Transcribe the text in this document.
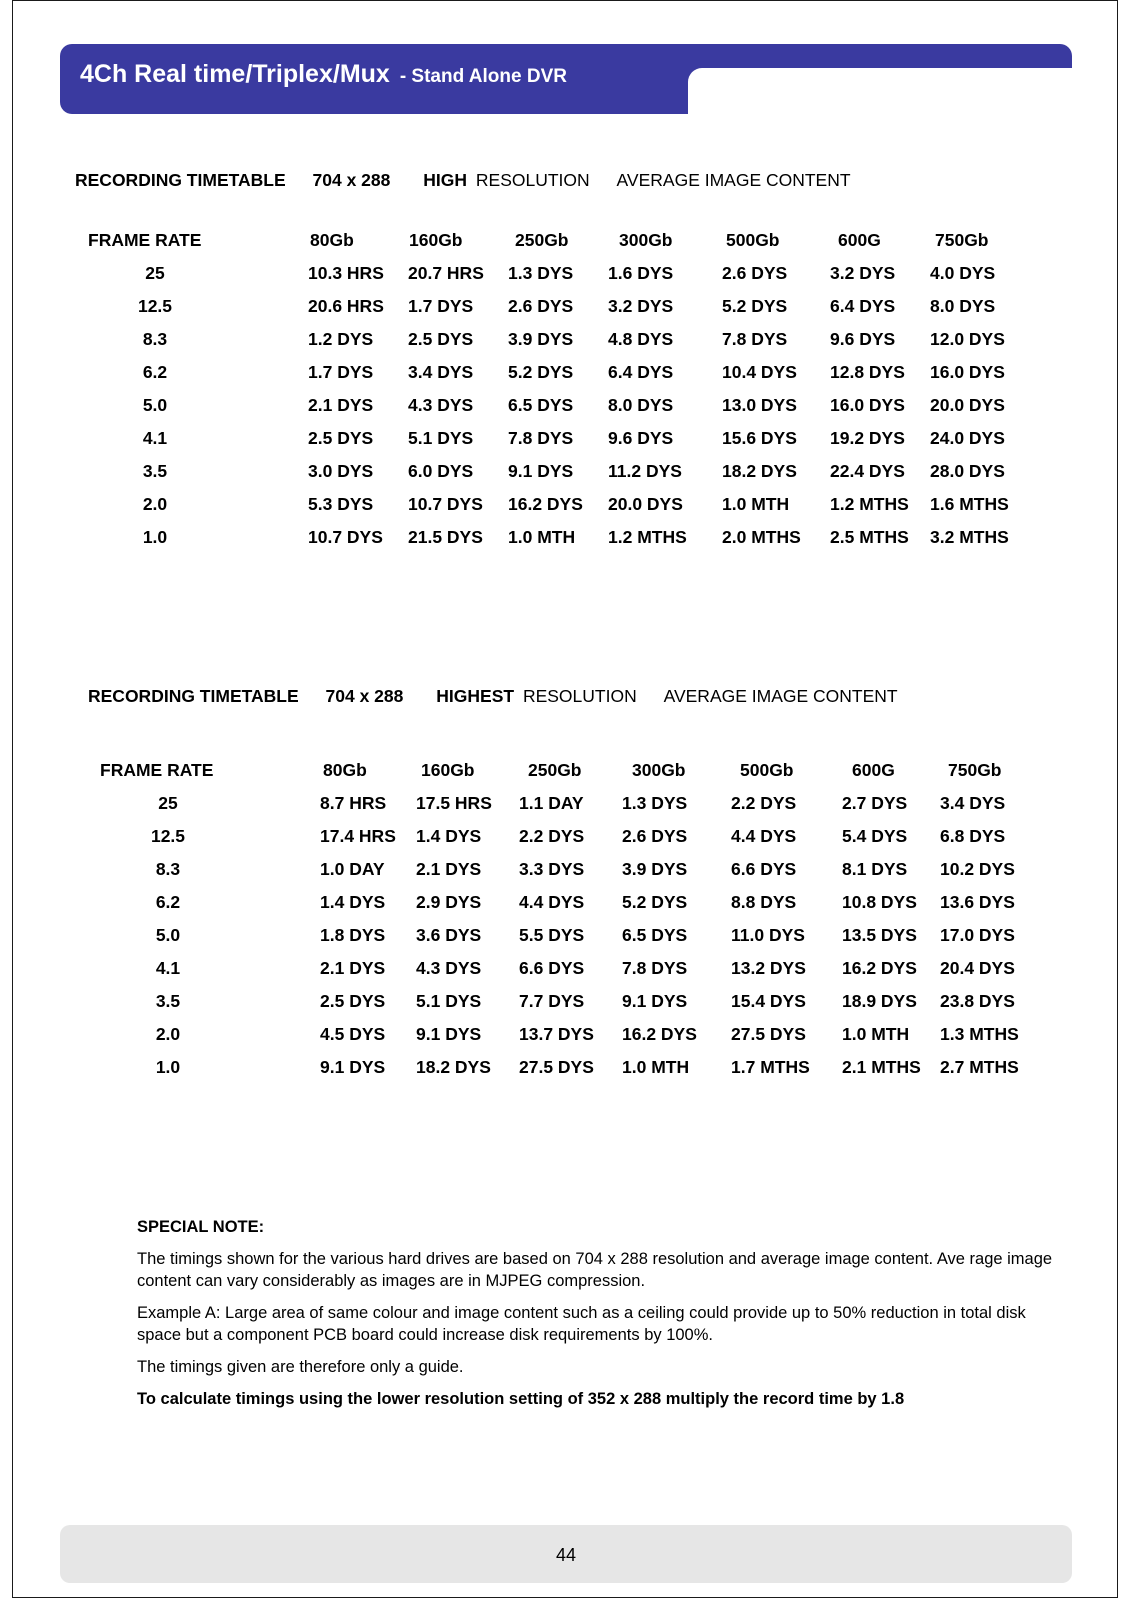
4Ch Real time/Triplex/Mux - Stand Alone DVR
RECORDING TIMETABLE 704 x 288 HIGH RESOLUTION AVERAGE IMAGE CONTENT
FRAME RATE	80Gb	160Gb	250Gb	300Gb	500Gb	600G	750Gb
25	10.3 HRS 20.7 HRS 1.3 DYS 1.6 DYS	2.6 DYS 3.2 DYS 4.0 DYS
12.5	20.6 HRS 1.7 DYS 2.6 DYS 3.2 DYS	5.2 DYS 6.4 DYS 8.0 DYS
8.3	1.2 DYS 2.5 DYS 3.9 DYS 4.8 DYS	7.8 DYS 9.6 DYS 12.0 DYS
6.2	1.7 DYS 3.4 DYS 5.2 DYS 6.4 DYS	10.4 DYS 12.8 DYS 16.0 DYS
5.0	2.1 DYS 4.3 DYS 6.5 DYS 8.0 DYS	13.0 DYS 16.0 DYS 20.0 DYS
4.1	2.5 DYS 5.1 DYS 7.8 DYS 9.6 DYS	15.6 DYS 19.2 DYS 24.0 DYS
3.5	3.0 DYS 6.0 DYS 9.1 DYS 11.2 DYS 18.2 DYS 22.4 DYS 28.0 DYS
2.0	5.3 DYS 10.7 DYS 16.2 DYS 20.0 DYS 1.0 MTH 1.2 MTHS 1.6 MTHS
1.0	10.7 DYS 21.5 DYS 1.0 MTH 1.2 MTHS 2.0 MTHS 2.5 MTHS 3.2 MTHS
RECORDING TIMETABLE 704 x 288 HIGHEST RESOLUTION AVERAGE IMAGE CONTENT
FRAME RATE	80Gb	160Gb	250Gb	300Gb	500Gb	600G	750Gb
25	8.7 HRS 17.5 HRS 1.1 DAY 1.3 DYS	2.2 DYS	2.7 DYS 3.4 DYS
12.5	17.4 HRS 1.4 DYS 2.2 DYS 2.6 DYS	4.4 DYS	5.4 DYS 6.8 DYS
8.3	1.0 DAY 2.1 DYS 3.3 DYS 3.9 DYS	6.6 DYS	8.1 DYS 10.2 DYS
6.2	1.4 DYS 2.9 DYS 4.4 DYS 5.2 DYS	8.8 DYS	10.8 DYS 13.6 DYS
5.0	1.8 DYS 3.6 DYS 5.5 DYS 6.5 DYS	11.0 DYS 13.5 DYS 17.0 DYS
4.1	2.1 DYS 4.3 DYS 6.6 DYS 7.8 DYS	13.2 DYS 16.2 DYS 20.4 DYS
3.5	2.5 DYS 5.1 DYS 7.7 DYS 9.1 DYS	15.4 DYS 18.9 DYS 23.8 DYS
2.0	4.5 DYS 9.1 DYS 13.7 DYS 16.2 DYS 27.5 DYS 1.0 MTH 1.3 MTHS
1.0	9.1 DYS 18.2 DYS 27.5 DYS 1.0 MTH 1.7 MTHS 2.1 MTHS 2.7 MTHS
SPECIAL NOTE:

The timings shown for the various hard drives are based on 704 x 288 resolution and average image content. Ave rage image content can vary considerably as images are in MJPEG compression.

Example A: Large area of same colour and image content such as a ceiling could provide up to 50% reduction in total disk space but a component PCB board could increase disk requirements by 100%.

The timings given are therefore only a guide.

To calculate timings using the lower resolution setting of 352 x 288 multiply the record time by 1.8

44
